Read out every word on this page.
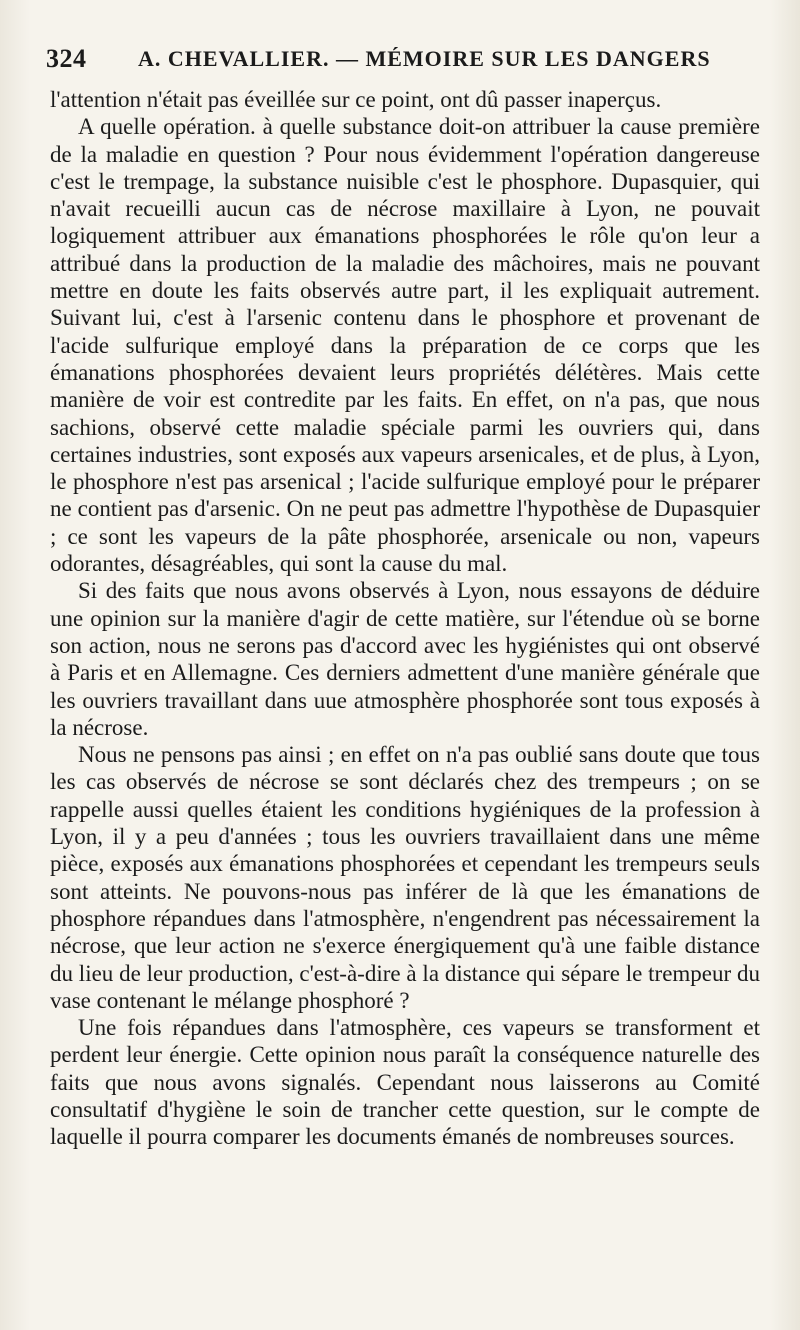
324 A. CHEVALLIER. — MÉMOIRE SUR LES DANGERS

l'attention n'était pas éveillée sur ce point, ont dû passer inaperçus.

A quelle opération. à quelle substance doit-on attribuer la cause première de la maladie en question ? Pour nous évidemment l'opération dangereuse c'est le trempage, la substance nuisible c'est le phosphore. Dupasquier, qui n'avait recueilli aucun cas de nécrose maxillaire à Lyon, ne pouvait logiquement attribuer aux émanations phosphorées le rôle qu'on leur a attribué dans la production de la maladie des mâchoires, mais ne pouvant mettre en doute les faits observés autre part, il les expliquait autrement. Suivant lui, c'est à l'arsenic contenu dans le phosphore et provenant de l'acide sulfurique employé dans la préparation de ce corps que les émanations phosphorées devaient leurs propriétés délétères. Mais cette manière de voir est contredite par les faits. En effet, on n'a pas, que nous sachions, observé cette maladie spéciale parmi les ouvriers qui, dans certaines industries, sont exposés aux vapeurs arsenicales, et de plus, à Lyon, le phosphore n'est pas arsenical ; l'acide sulfurique employé pour le préparer ne contient pas d'arsenic. On ne peut pas admettre l'hypothèse de Dupasquier ; ce sont les vapeurs de la pâte phosphorée, arsenicale ou non, vapeurs odorantes, désagréables, qui sont la cause du mal.

Si des faits que nous avons observés à Lyon, nous essayons de déduire une opinion sur la manière d'agir de cette matière, sur l'étendue où se borne son action, nous ne serons pas d'accord avec les hygiénistes qui ont observé à Paris et en Allemagne. Ces derniers admettent d'une manière générale que les ouvriers travaillant dans uue atmosphère phosphorée sont tous exposés à la nécrose.

Nous ne pensons pas ainsi ; en effet on n'a pas oublié sans doute que tous les cas observés de nécrose se sont déclarés chez des trempeurs ; on se rappelle aussi quelles étaient les conditions hygiéniques de la profession à Lyon, il y a peu d'années ; tous les ouvriers travaillaient dans une même pièce, exposés aux émanations phosphorées et cependant les trempeurs seuls sont atteints. Ne pouvons-nous pas inférer de là que les émanations de phosphore répandues dans l'atmosphère, n'engendrent pas nécessairement la nécrose, que leur action ne s'exerce énergiquement qu'à une faible distance du lieu de leur production, c'est-à-dire à la distance qui sépare le trempeur du vase contenant le mélange phosphoré ?

Une fois répandues dans l'atmosphère, ces vapeurs se transforment et perdent leur énergie. Cette opinion nous paraît la conséquence naturelle des faits que nous avons signalés. Cependant nous laisserons au Comité consultatif d'hygiène le soin de trancher cette question, sur le compte de laquelle il pourra comparer les documents émanés de nombreuses sources.
